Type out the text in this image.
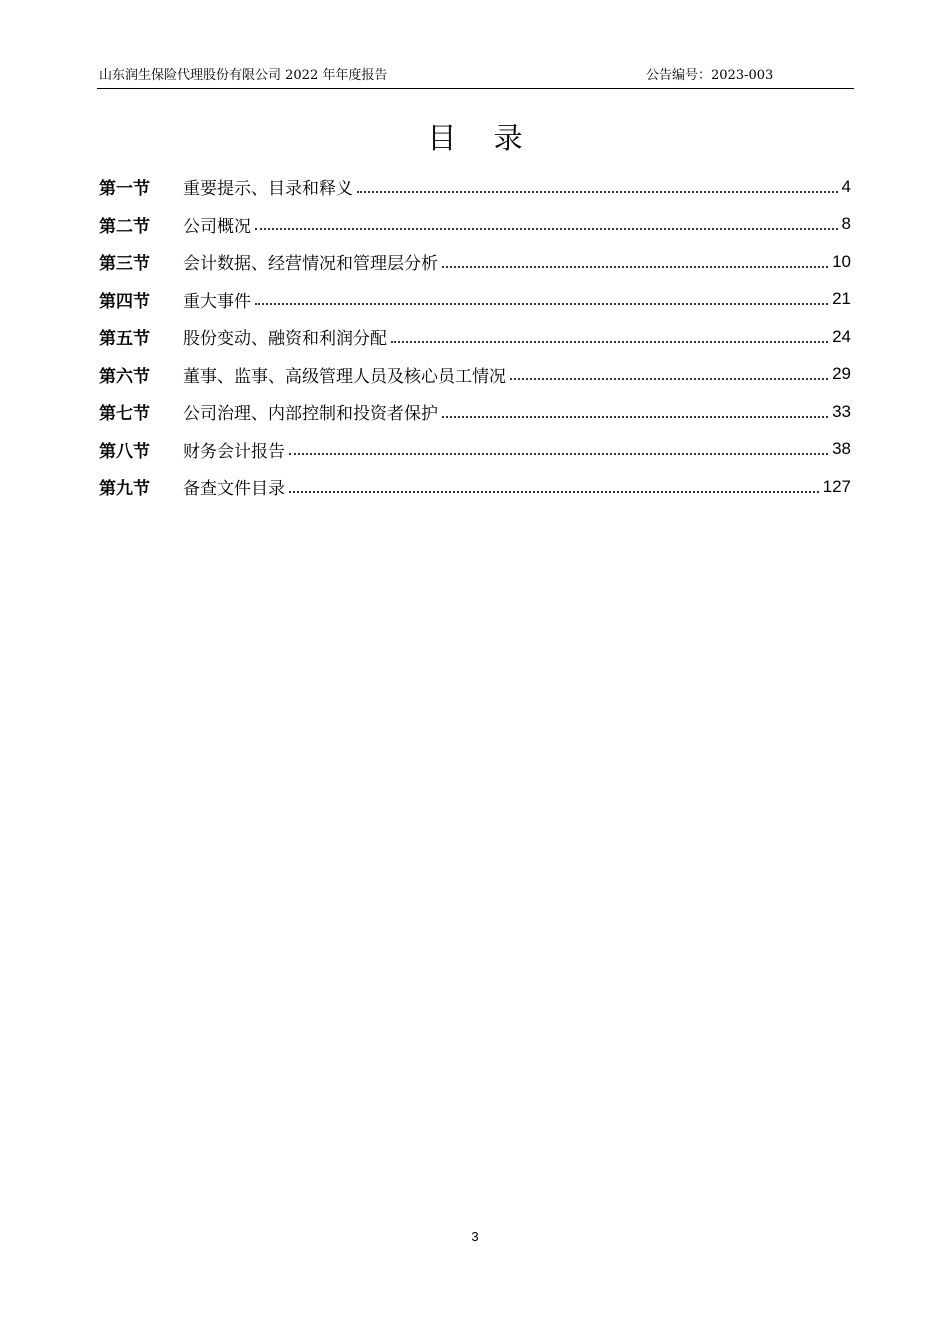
山东润生保险代理股份有限公司 2022 年年度报告	公告编号：2023-003
目 录
第一节	重要提示、目录和释义	4
第二节	公司概况	8
第三节	会计数据、经营情况和管理层分析	10
第四节	重大事件	21
第五节	股份变动、融资和利润分配	24
第六节	董事、监事、高级管理人员及核心员工情况	29
第七节	公司治理、内部控制和投资者保护	33
第八节	财务会计报告	38
第九节	备查文件目录	127
3
